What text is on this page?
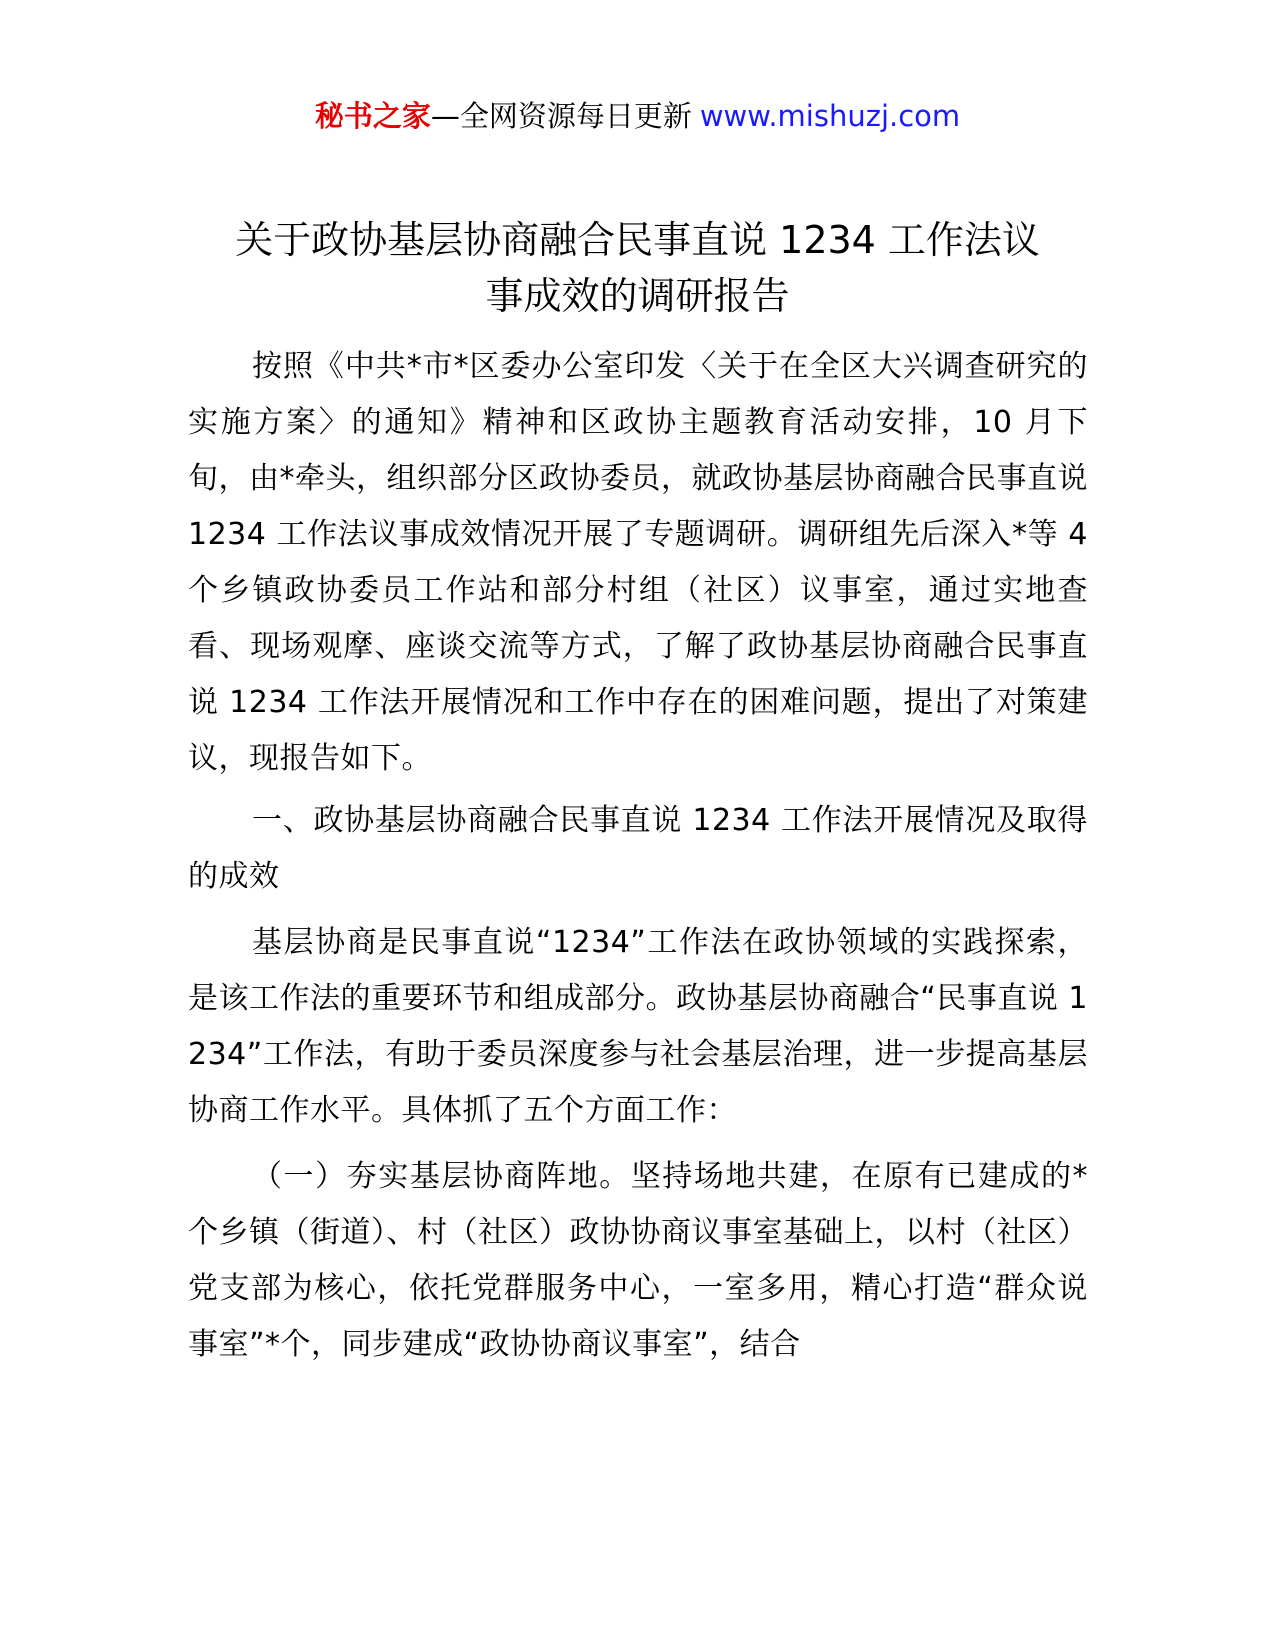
秘书之家—全网资源每日更新 www.mishuzj.com
关于政协基层协商融合民事直说 1234 工作法议
事成效的调研报告

按照《中共*市*区委办公室印发〈关于在全区大兴调查研究的实施方案〉的通知》精神和区政协主题教育活动安排，10 月下旬，由*牵头，组织部分区政协委员，就政协基层协商融合民事直说 1234 工作法议事成效情况开展了专题调研。调研组先后深入*等 4 个乡镇政协委员工作站和部分村组（社区）议事室，通过实地查看、现场观摩、座谈交流等方式，了解了政协基层协商融合民事直说 1234 工作法开展情况和工作中存在的困难问题，提出了对策建议，现报告如下。

一、政协基层协商融合民事直说 1234 工作法开展情况及取得的成效

基层协商是民事直说“1234”工作法在政协领域的实践探索，是该工作法的重要环节和组成部分。政协基层协商融合“民事直说 1234”工作法，有助于委员深度参与社会基层治理，进一步提高基层协商工作水平。具体抓了五个方面工作：

（一）夯实基层协商阵地。坚持场地共建，在原有已建成的*个乡镇（街道）、村（社区）政协协商议事室基础上，以村（社区）党支部为核心，依托党群服务中心，一室多用，精心打造“群众说事室”*个，同步建成“政协协商议事室”，结合
